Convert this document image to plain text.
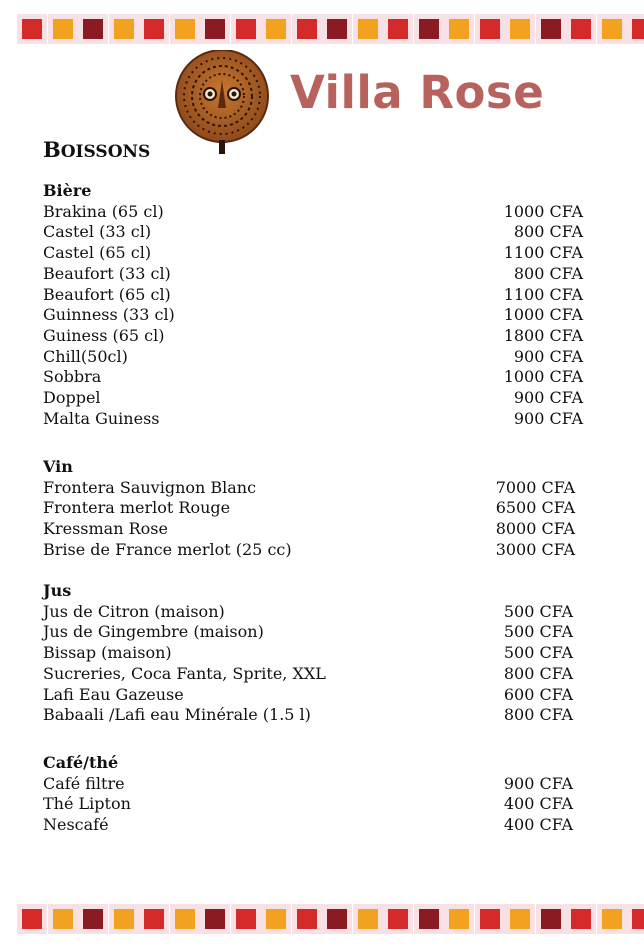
Villa Rose
BOISSONS
Bière
Brakina (65 cl)	1000 CFA
Castel (33 cl)	800 CFA
Castel (65 cl)	1100 CFA
Beaufort (33 cl)	800 CFA
Beaufort (65 cl)	1100 CFA
Guinness (33 cl)	1000 CFA
Guiness (65 cl)	1800 CFA
Chill(50cl)	900 CFA
Sobbra	1000 CFA
Doppel	900 CFA
Malta Guiness	900 CFA
Vin
Frontera Sauvignon Blanc	7000 CFA
Frontera merlot Rouge	6500 CFA
Kressman Rose	8000 CFA
Brise de France merlot (25 cc)	3000 CFA
Jus
Jus de Citron (maison)	500 CFA
Jus de Gingembre (maison)	500 CFA
Bissap (maison)	500 CFA
Sucreries, Coca Fanta, Sprite, XXL	800 CFA
Lafi Eau Gazeuse	600 CFA
Babaali /Lafi eau Minérale (1.5 l)	800 CFA
Café/thé
Café filtre	900 CFA
Thé Lipton	400 CFA
Nescafé	400 CFA
